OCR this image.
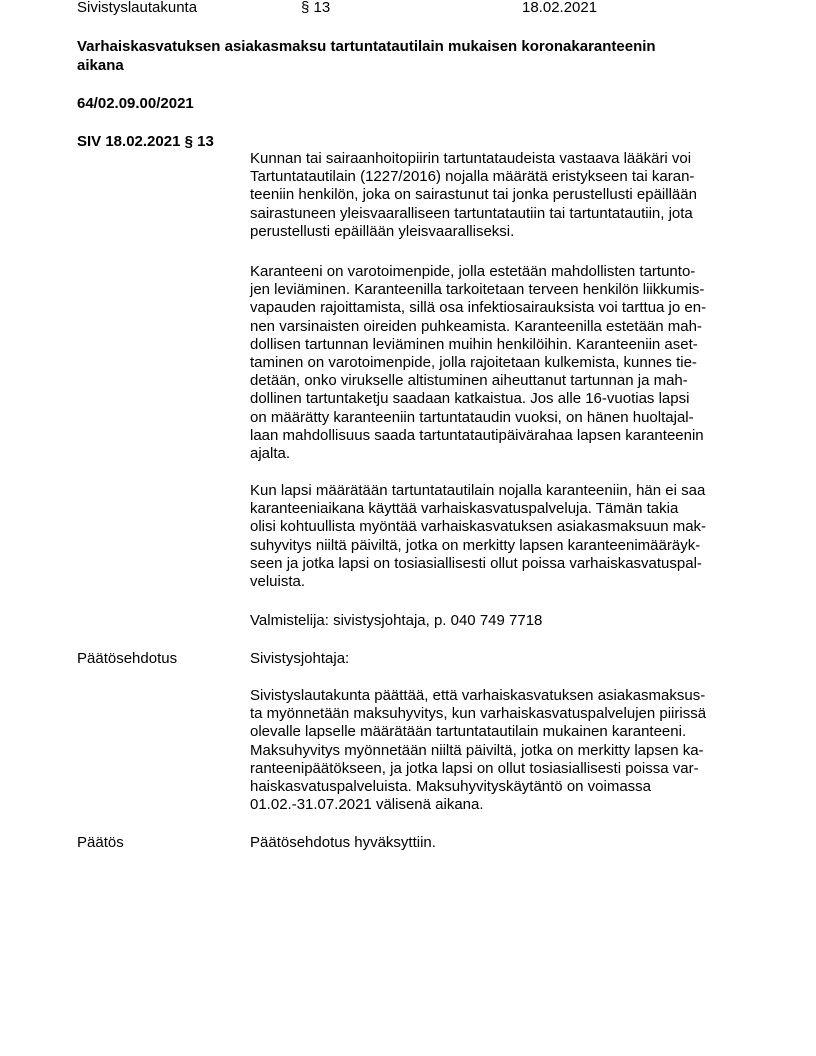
Sivistyslautakunta	§ 13	18.02.2021
Varhaiskasvatuksen asiakasmaksu tartuntatautilain mukaisen koronakaranteenin
aikana
64/02.09.00/2021
SIV 18.02.2021 § 13
Kunnan tai sairaanhoitopiirin tartuntataudeista vastaava lääkäri voi
Tartuntatautilain (1227/2016) nojalla määrätä eristykseen tai karan-
teeniin henkilön, joka on sairastunut tai jonka perustellusti epäillään
sairastuneen yleisvaaralliseen tartuntatautiin tai tartuntatautiin, jota
perustellusti epäillään yleisvaaralliseksi.
Karanteeni on varotoimenpide, jolla estetään mahdollisten tartunto-
jen leviäminen. Karanteenilla tarkoitetaan terveen henkilön liikkumis-
vapauden rajoittamista, sillä osa infektiosairauksista voi tarttua jo en-
nen varsinaisten oireiden puhkeamista. Karanteenilla estetään mah-
dollisen tartunnan leviäminen muihin henkilöihin. Karanteeniin aset-
taminen on varotoimenpide, jolla rajoitetaan kulkemista, kunnes tie-
detään, onko virukselle altistuminen aiheuttanut tartunnan ja mah-
dollinen tartuntaketju saadaan katkaistua. Jos alle 16-vuotias lapsi
on määrätty karanteeniin tartuntataudin vuoksi, on hänen huoltajal-
laan mahdollisuus saada tartuntatautipäivärahaa lapsen karanteenin
ajalta.
Kun lapsi määrätään tartuntatautilain nojalla karanteeniin, hän ei saa
karanteeniaikana käyttää varhaiskasvatuspalveluja. Tämän takia
olisi kohtuullista myöntää varhaiskasvatuksen asiakasmaksuun mak-
suhyvitys niiltä päiviltä, jotka on merkitty lapsen karanteenimääräyk-
seen ja jotka lapsi on tosiasiallisesti ollut poissa varhaiskasvatuspal-
veluista.
Valmistelija: sivistysjohtaja, p. 040 749 7718
Päätösehdotus	Sivistysjohtaja:
Sivistyslautakunta päättää, että varhaiskasvatuksen asiakasmaksus-
ta myönnetään maksuhyvitys, kun varhaiskasvatuspalvelujen piirissä
olevalle lapselle määrätään tartuntatautilain mukainen karanteeni.
Maksuhyvitys myönnetään niiltä päiviltä, jotka on merkitty lapsen ka-
ranteenipäätökseen, ja jotka lapsi on ollut tosiasiallisesti poissa var-
haiskasvatuspalveluista. Maksuhyvityskäytäntö on voimassa
01.02.-31.07.2021 välisenä aikana.
Päätös	Päätösehdotus hyväksyttiin.
